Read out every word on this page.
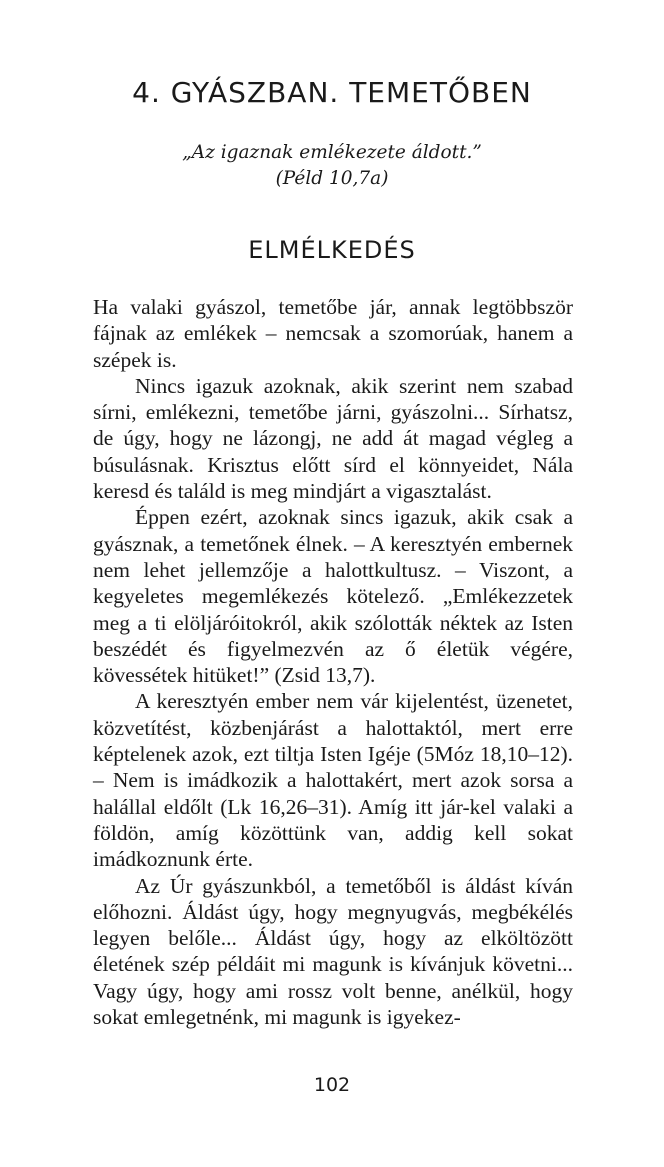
4. GYÁSZBAN. TEMETŐBEN
„Az igaznak emlékezete áldott.”
(Péld 10,7a)
ELMÉLKEDÉS

Ha valaki gyászol, temetőbe jár, annak legtöbbször fájnak az emlékek – nemcsak a szomorúak, hanem a szépek is.

Nincs igazuk azoknak, akik szerint nem szabad sírni, emlékezni, temetőbe járni, gyászolni... Sírhatsz, de úgy, hogy ne lázongj, ne add át magad végleg a búsulásnak. Krisztus előtt sírd el könnyeidet, Nála keresd és találd is meg mindjárt a vigasztalást.

Éppen ezért, azoknak sincs igazuk, akik csak a gyásznak, a temetőnek élnek. – A keresztyén embernek nem lehet jellemzője a halottkultusz. – Viszont, a kegyeletes megemlékezés kötelező. „Emlékezzetek meg a ti elöljáróitokról, akik szólották néktek az Isten beszédét és figyelmezvén az ő életük végére, kövessétek hitüket!” (Zsid 13,7).

A keresztyén ember nem vár kijelentést, üzenetet, közvetítést, közbenjárást a halottaktól, mert erre képtelenek azok, ezt tiltja Isten Igéje (5Móz 18,10–12). – Nem is imádkozik a halottakért, mert azok sorsa a halállal eldőlt (Lk 16,26–31). Amíg itt jár-kel valaki a földön, amíg közöttünk van, addig kell sokat imádkoznunk érte.

Az Úr gyászunkból, a temetőből is áldást kíván előhozni. Áldást úgy, hogy megnyugvás, megbékélés legyen belőle... Áldást úgy, hogy az elköltözött életének szép példáit mi magunk is kívánjuk követni... Vagy úgy, hogy ami rossz volt benne, anélkül, hogy sokat emlegetnénk, mi magunk is igyekez-

102
